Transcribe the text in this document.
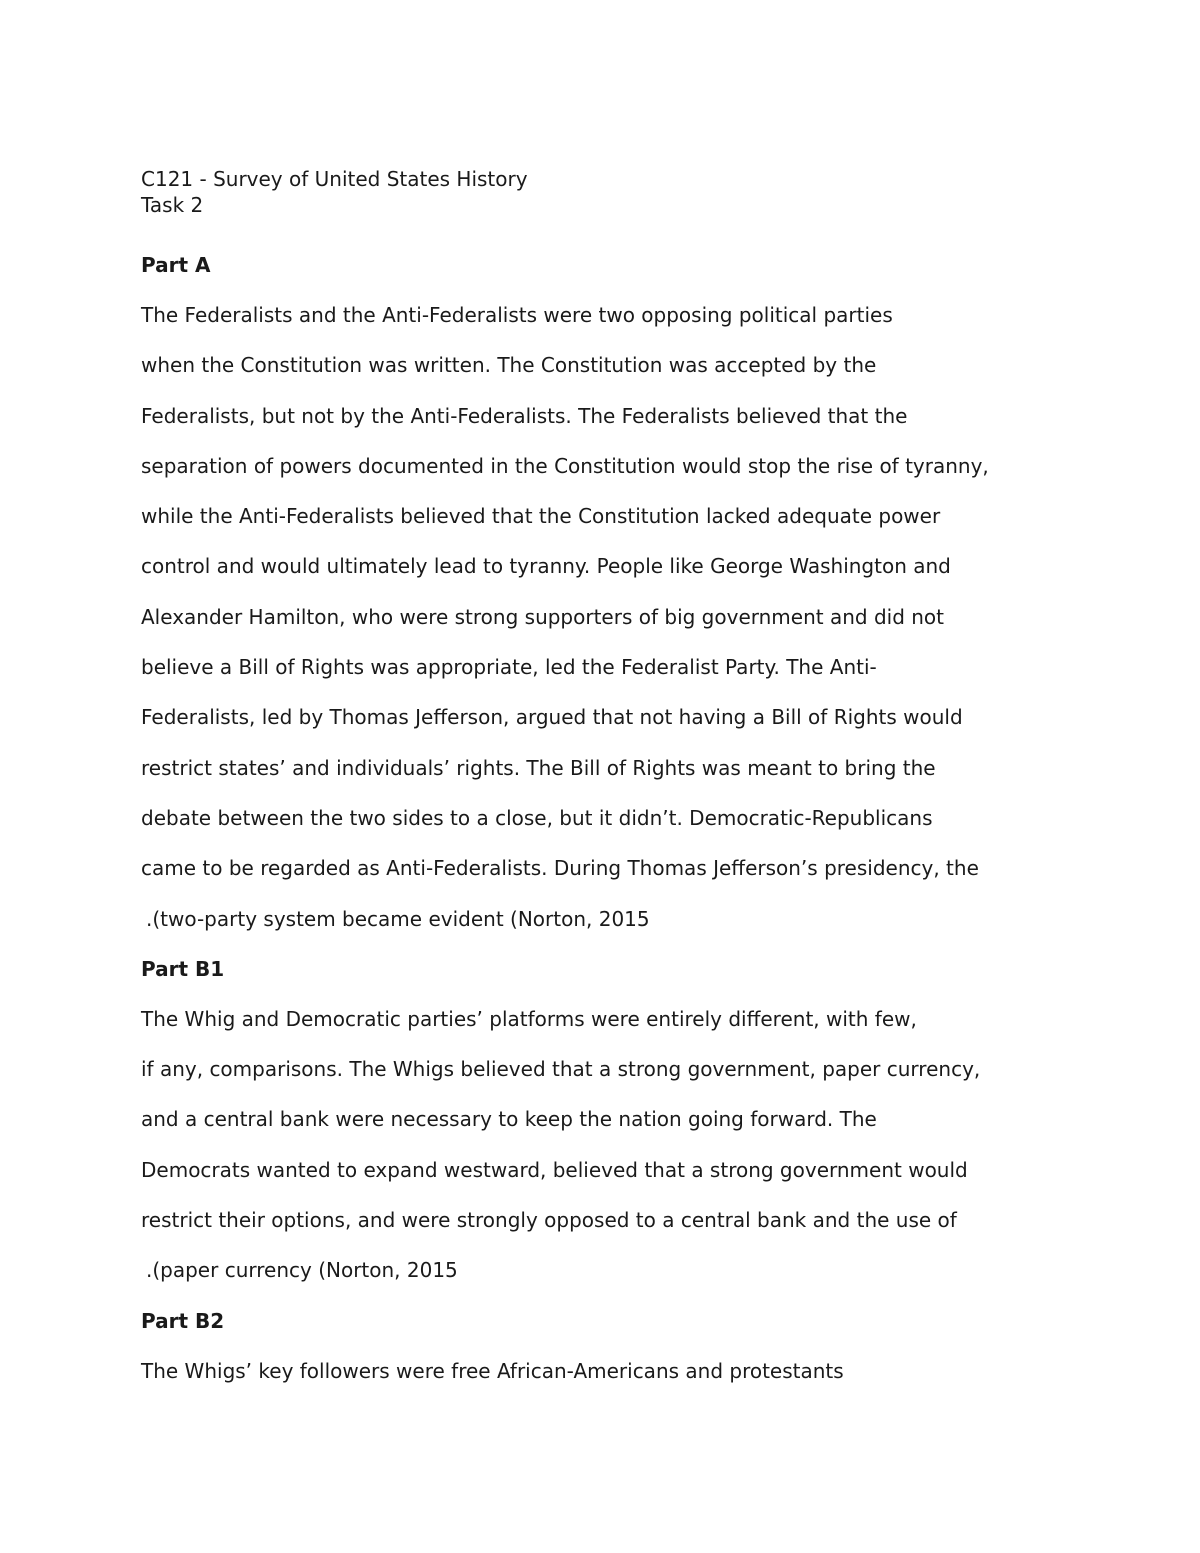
C121 - Survey of United States History

Task 2

Part A

The Federalists and the Anti-Federalists were two opposing political parties

when the Constitution was written. The Constitution was accepted by the

Federalists, but not by the Anti-Federalists. The Federalists believed that the

separation of powers documented in the Constitution would stop the rise of tyranny,

while the Anti-Federalists believed that the Constitution lacked adequate power

control and would ultimately lead to tyranny. People like George Washington and

Alexander Hamilton, who were strong supporters of big government and did not

believe a Bill of Rights was appropriate, led the Federalist Party. The Anti-

Federalists, led by Thomas Jefferson, argued that not having a Bill of Rights would

restrict states’ and individuals’ rights. The Bill of Rights was meant to bring the

debate between the two sides to a close, but it didn’t. Democratic-Republicans

came to be regarded as Anti-Federalists. During Thomas Jefferson’s presidency, the

.(two-party system became evident (Norton, 2015

Part B1

The Whig and Democratic parties’ platforms were entirely different, with few,

if any, comparisons. The Whigs believed that a strong government, paper currency,

and a central bank were necessary to keep the nation going forward. The

Democrats wanted to expand westward, believed that a strong government would

restrict their options, and were strongly opposed to a central bank and the use of

.(paper currency (Norton, 2015

Part B2

The Whigs’ key followers were free African-Americans and protestants
